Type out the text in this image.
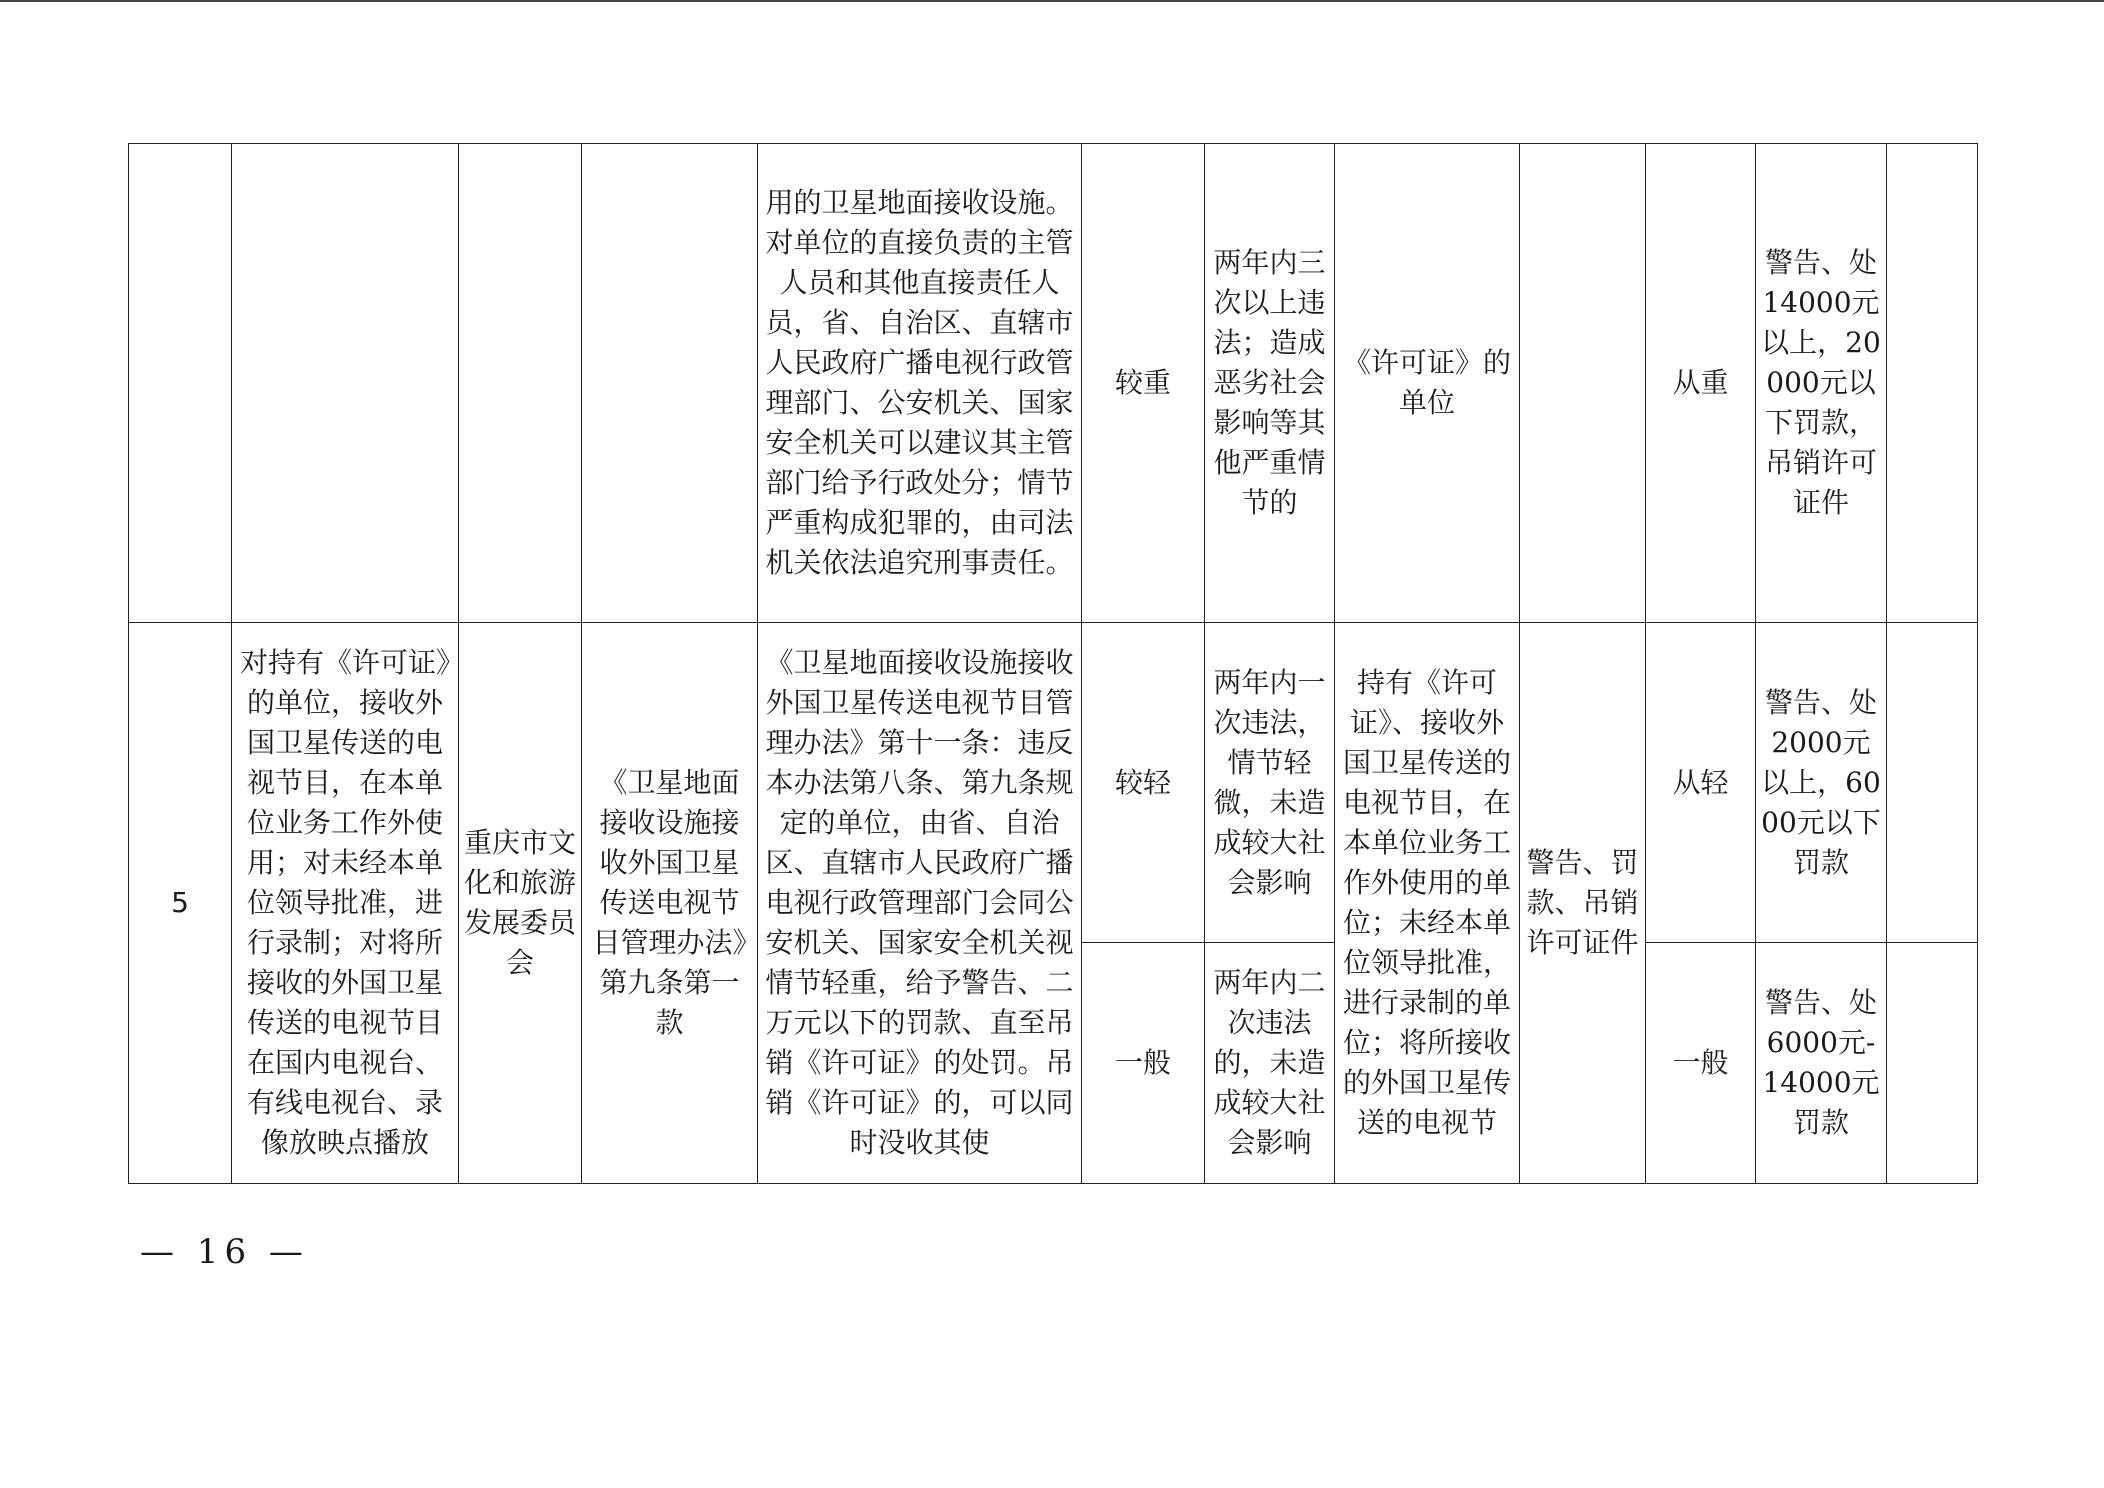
				用的卫星地面接收设施。对单位的直接负责的主管人员和其他直接责任人员，省、自治区、直辖市人民政府广播电视行政管理部门、公安机关、国家安全机关可以建议其主管部门给予行政处分；情节严重构成犯罪的，由司法机关依法追究刑事责任。	较重	两年内三次以上违法；造成恶劣社会影响等其他严重情节的	《许可证》的单位		从重	警告、处14000元以上，20000元以下罚款，吊销许可证件	

5	对持有《许可证》的单位，接收外国卫星传送的电视节目，在本单位业务工作外使用；对未经本单位领导批准，进行录制；对将所接收的外国卫星传送的电视节目在国内电视台、有线电视台、录像放映点播放	重庆市文化和旅游发展委员会	《卫星地面接收设施接收外国卫星传送电视节目管理办法》第九条第一款	《卫星地面接收设施接收外国卫星传送电视节目管理办法》第十一条：违反本办法第八条、第九条规定的单位，由省、自治区、直辖市人民政府广播电视行政管理部门会同公安机关、国家安全机关视情节轻重，给予警告、二万元以下的罚款、直至吊销《许可证》的处罚。吊销《许可证》的，可以同时没收其使	较轻	两年内一次违法，情节轻微，未造成较大社会影响	持有《许可证》、接收外国卫星传送的电视节目，在本单位业务工作外使用的单位；未经本单位领导批准，进行录制的单位；将所接收的外国卫星传送的电视节	警告、罚款、吊销许可证件	从轻	警告、处2000元以上，6000元以下罚款	

					一般	两年内二次违法的，未造成较大社会影响			一般	警告、处6000元-14000元罚款	

— 16 —
